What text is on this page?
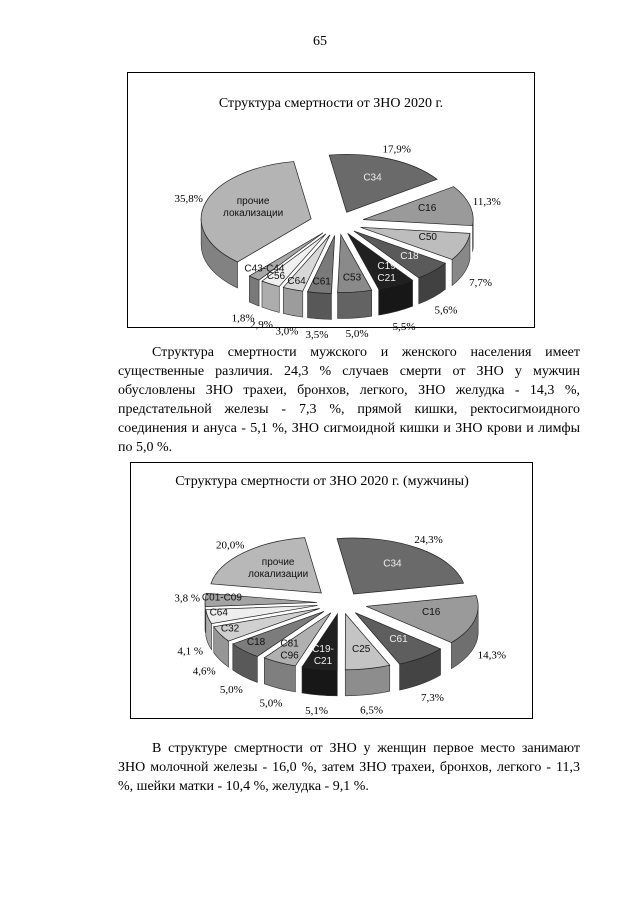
65
Структура смертности от ЗНО 2020 г.
C34
C16
C50
C18
C19 C21
C53
C61
C64
C56
C43-C44
прочие локализации
17,9%
11,3%
7,7%
5,6%
5,5%
5,0%
3,5%
3,0%
2,9%
1,8%
35,8%

Структура смертности мужского и женского населения имеет существенные различия. 24,3 % случаев смерти от ЗНО у мужчин обусловлены ЗНО трахеи, бронхов, легкого, ЗНО желудка - 14,3 %, предстательной железы - 7,3 %, прямой кишки, ректосигмоидного соединения и ануса - 5,1 %, ЗНО сигмоидной кишки и ЗНО крови и лимфы по 5,0 %.

Структура смертности от ЗНО 2020 г. (мужчины)
C34
C16
C61
C25
C19-C21
C81 C96
C18
C32
C64
C01-C09
прочие локализации
24,3%
14,3%
7,3%
6,5%
5,1%
5,0%
5,0%
4,6%
4,1 %
3,8 %
20,0%

В структуре смертности от ЗНО у женщин первое место занимают ЗНО молочной железы - 16,0 %, затем ЗНО трахеи, бронхов, легкого - 11,3 %, шейки матки - 10,4 %, желудка - 9,1 %.
